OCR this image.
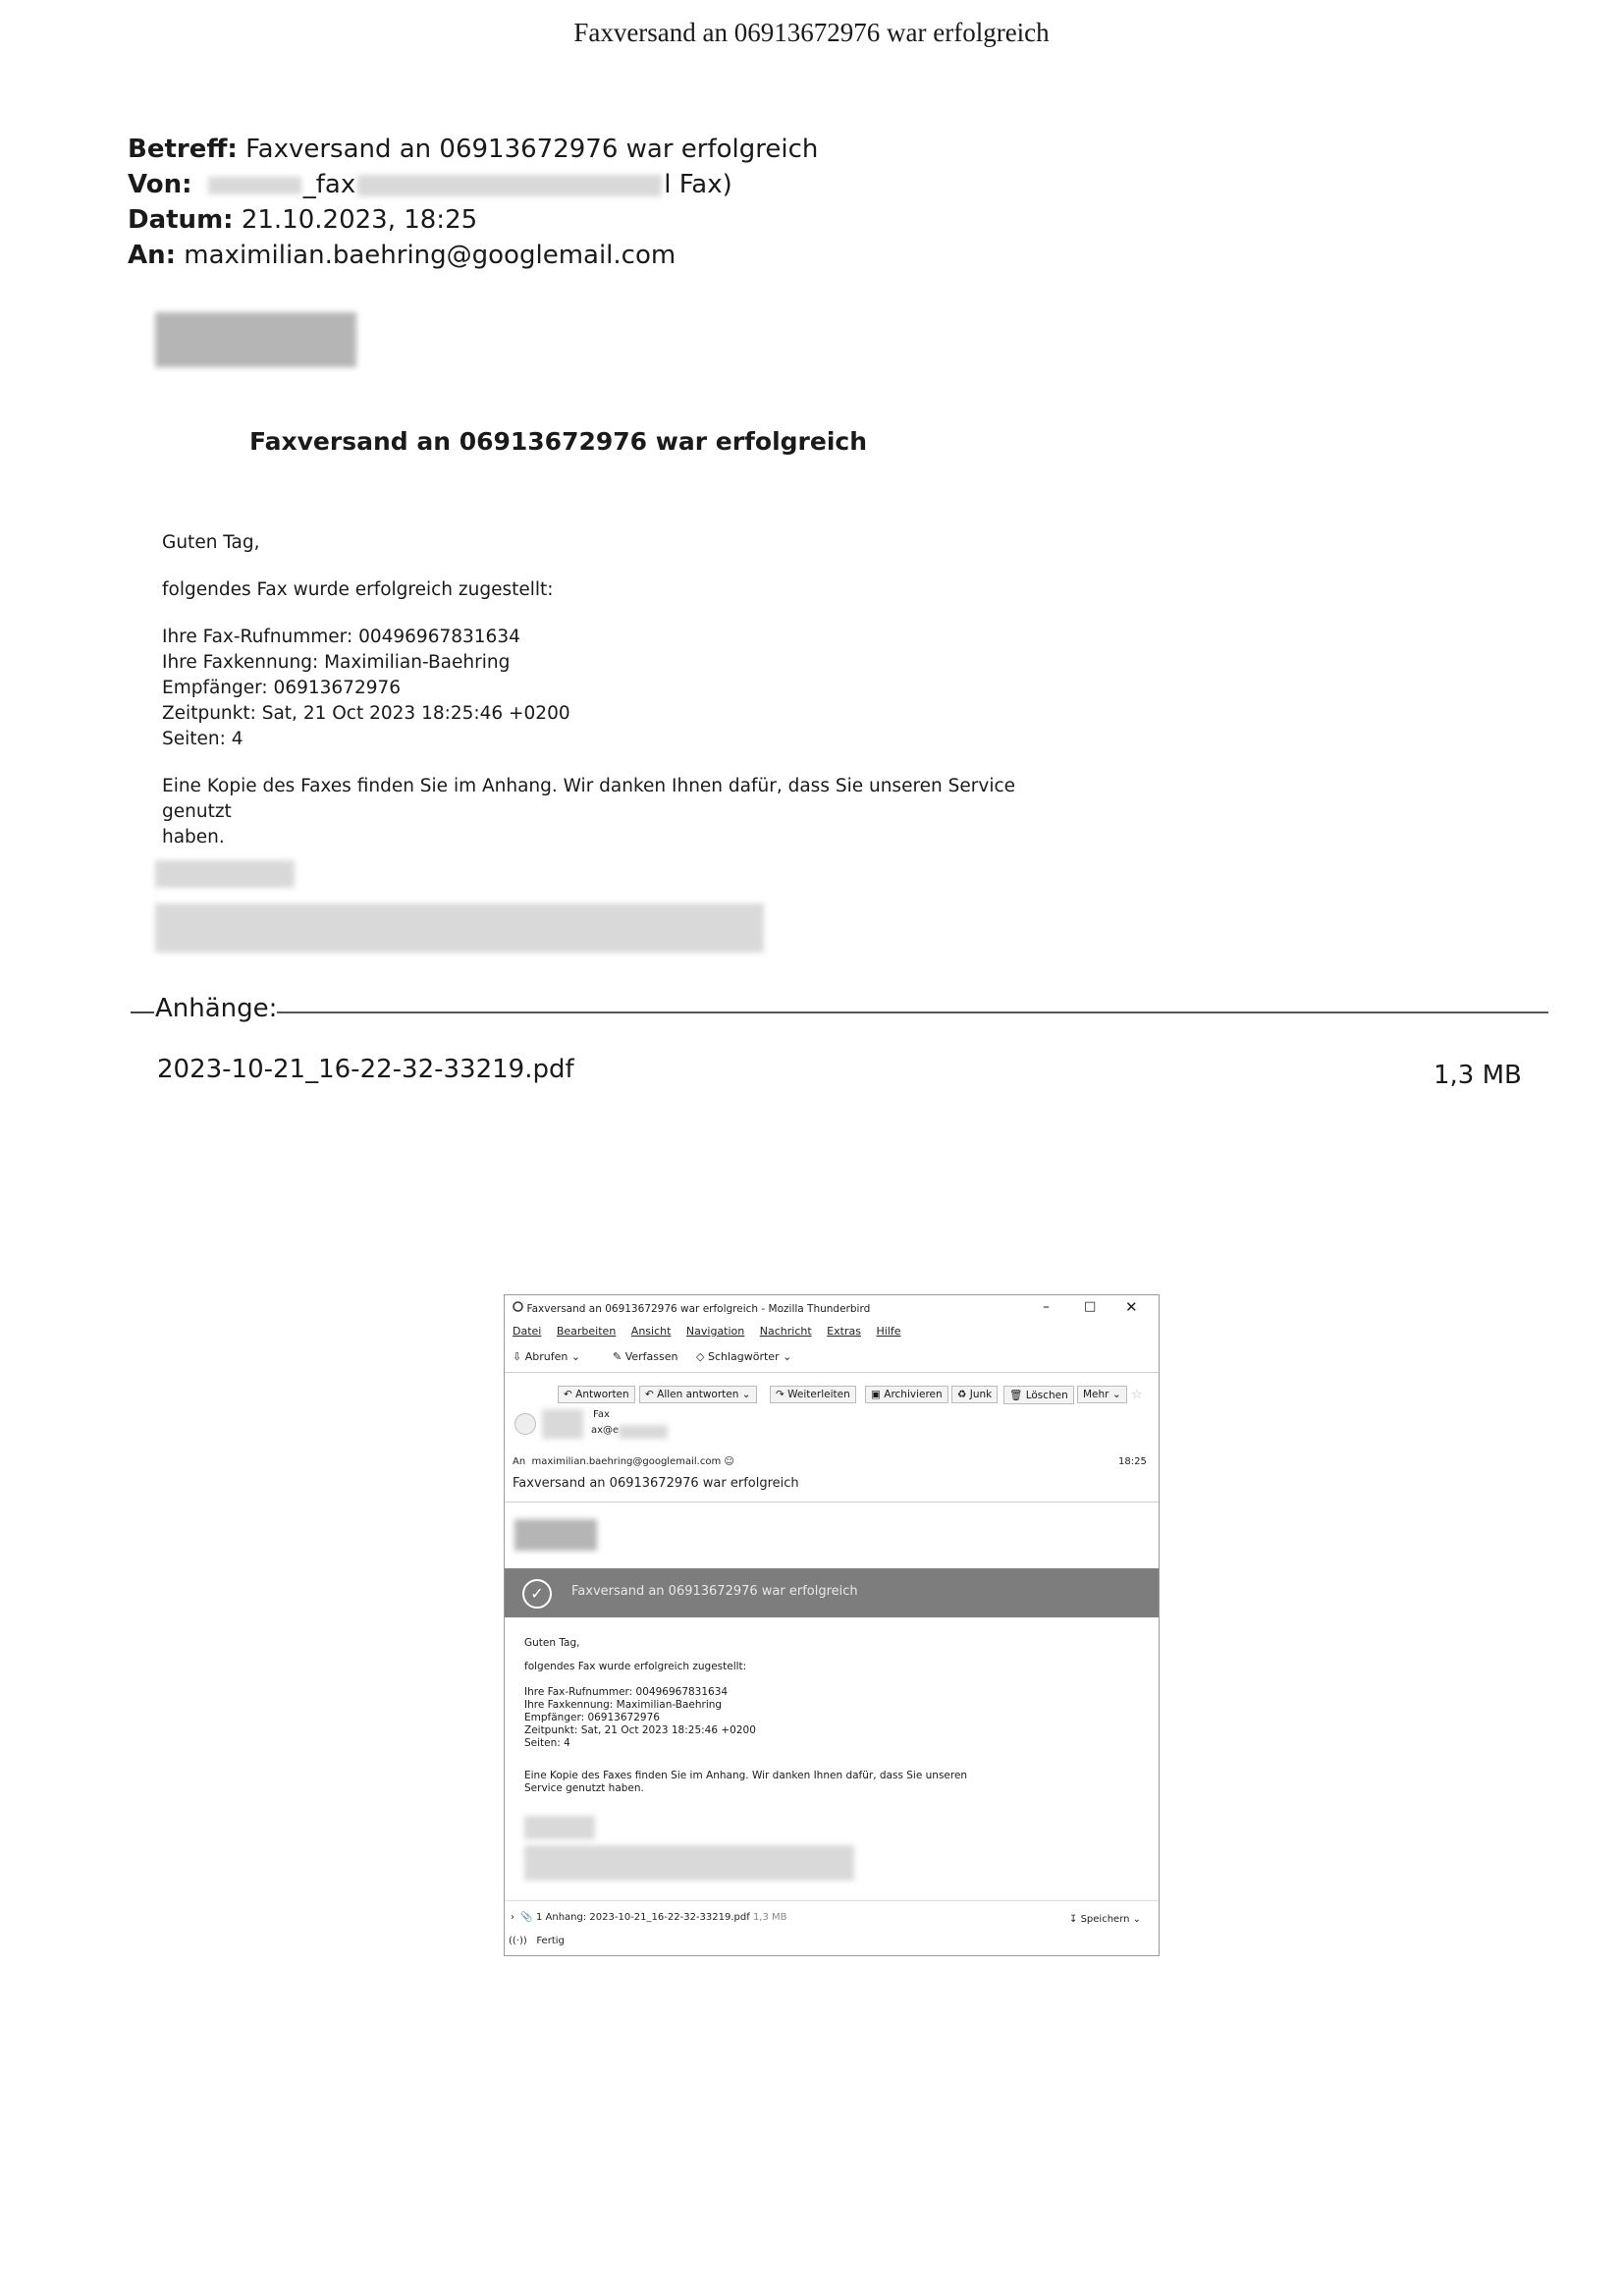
Faxversand an 06913672976 war erfolgreich
Betreff: Faxversand an 06913672976 war erfolgreich
Von:	_fax	l Fax)
Datum: 21.10.2023, 18:25
An: maximilian.baehring@googlemail.com
Faxversand an 06913672976 war erfolgreich
Guten Tag,
folgendes Fax wurde erfolgreich zugestellt:
Ihre Fax-Rufnummer: 00496967831634
Ihre Faxkennung: Maximilian-Baehring
Empfänger: 06913672976
Zeitpunkt: Sat, 21 Oct 2023 18:25:46 +0200
Seiten: 4
Eine Kopie des Faxes finden Sie im Anhang. Wir danken Ihnen dafür, dass Sie unseren Service genutzt
haben.
Anhänge:
2023-10-21_16-22-32-33219.pdf	1,3 MB
Faxversand an 06913672976 war erfolgreich - Mozilla Thunderbird	–	□ ✕
Datei Bearbeiten Ansicht Navigation Nachricht Extras Hilfe
⇩ Abrufen ⌄	✎ Verfassen ◇ Schlagwörter ⌄
↶ Antworten	↶ Allen antworten ⌄	↷ Weiterleiten	▣ Archivieren	♻ Junk	🗑 Löschen	Mehr ⌄ ☆
Fax
ax@e
An maximilian.baehring@googlemail.com ☺	18:25
Faxversand an 06913672976 war erfolgreich
✓	Faxversand an 06913672976 war erfolgreich
Guten Tag,
folgendes Fax wurde erfolgreich zugestellt:
Ihre Fax-Rufnummer: 00496967831634
Ihre Faxkennung: Maximilian-Baehring
Empfänger: 06913672976
Zeitpunkt: Sat, 21 Oct 2023 18:25:46 +0200
Seiten: 4
Eine Kopie des Faxes finden Sie im Anhang. Wir danken Ihnen dafür, dass Sie unseren
Service genutzt haben.
› 📎 1 Anhang: 2023-10-21_16-22-32-33219.pdf 1,3 MB	↧ Speichern ⌄
((·)) Fertig
